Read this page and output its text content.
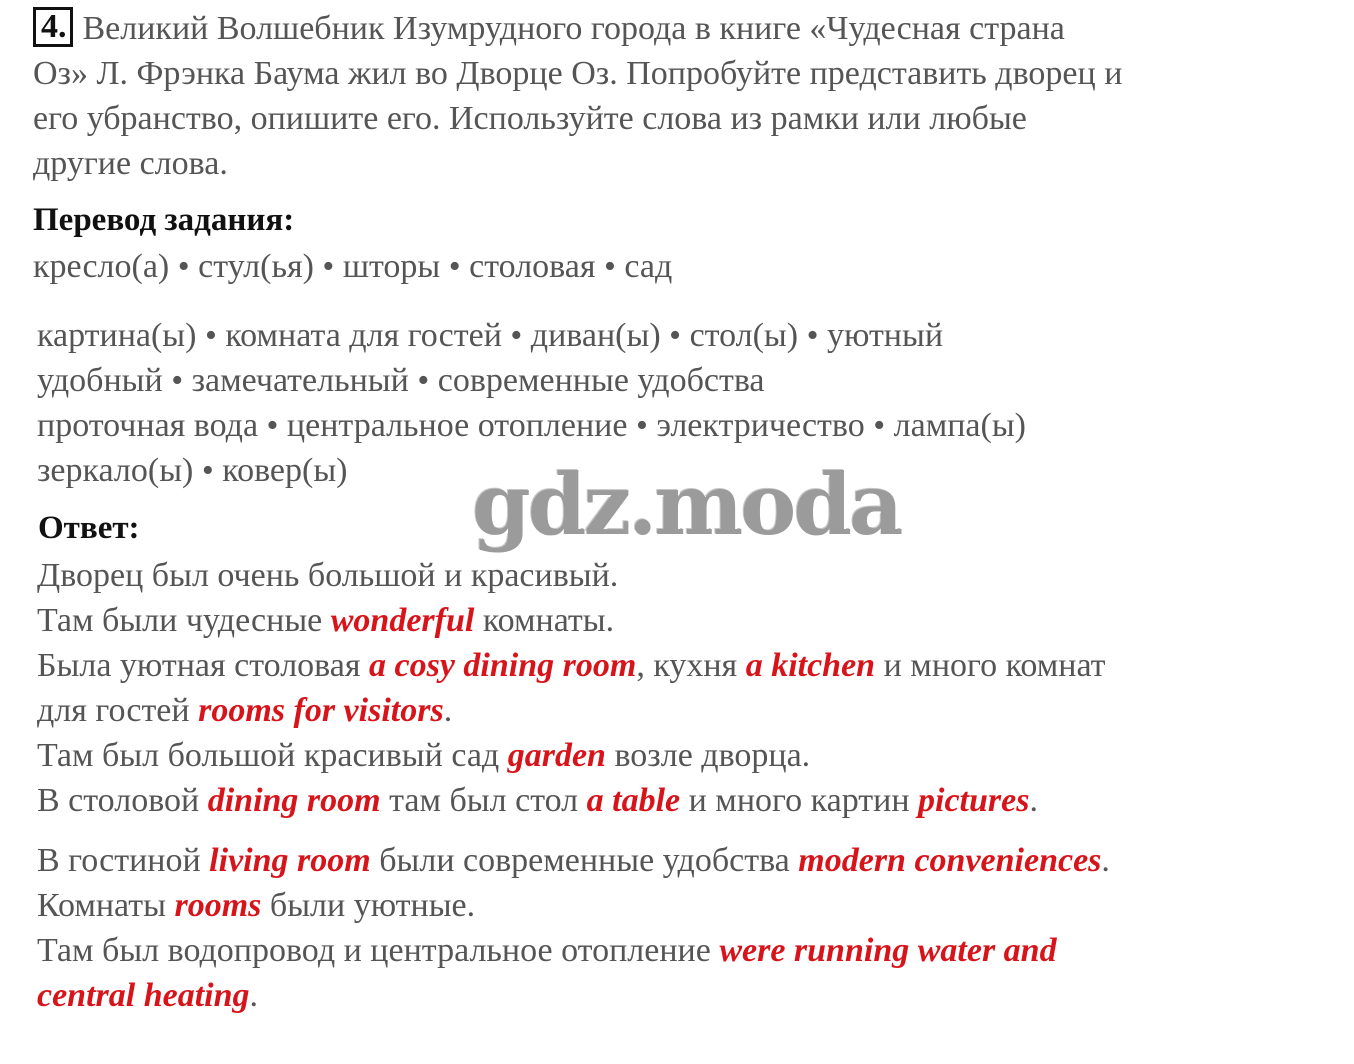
4. Великий Волшебник Изумрудного города в книге «Чудесная страна
Оз» Л. Фрэнка Баума жил во Дворце Оз. Попробуйте представить дворец и
его убранство, опишите его. Используйте слова из рамки или любые
другие слова.
Перевод задания:
кресло(а) • стул(ья) • шторы • столовая • сад
картина(ы) • комната для гостей • диван(ы) • стол(ы) • уютный
удобный • замечательный • современные удобства
проточная вода • центральное отопление • электричество • лампа(ы)
зеркало(ы) • ковер(ы)	gdz.moda
Ответ:
Дворец был очень большой и красивый.
Там были чудесные wonderful комнаты.
Была уютная столовая a cosy dining room, кухня a kitchen и много комнат
для гостей rooms for visitors.
Там был большой красивый сад garden возле дворца.
В столовой dining room там был стол a table и много картин pictures.
В гостиной living room были современные удобства modern conveniences.
Комнаты rooms были уютные.
Там был водопровод и центральное отопление were running water and
central heating.
